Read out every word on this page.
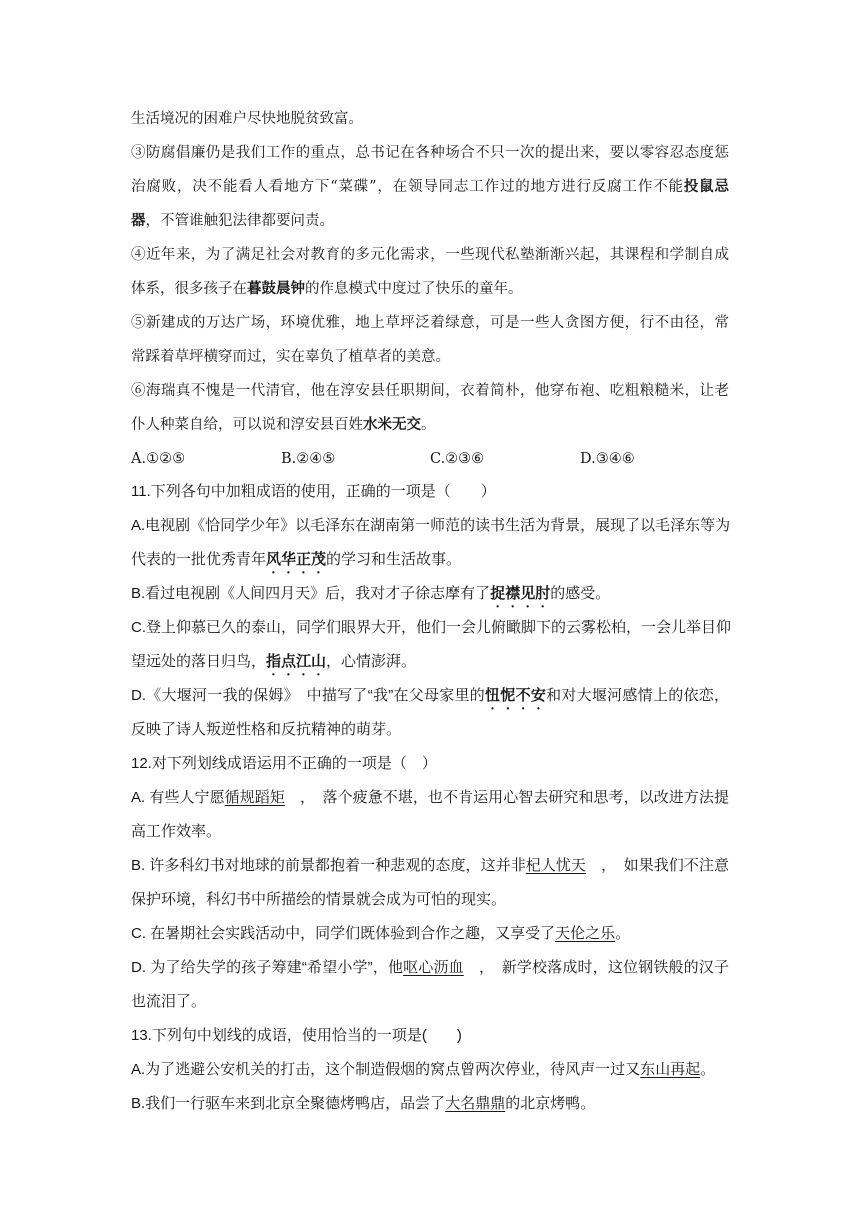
生活境况的困难户尽快地脱贫致富。
③防腐倡廉仍是我们工作的重点，总书记在各种场合不只一次的提出来，要以零容忍态度惩
治腐败，决不能看人看地方下“菜碟”，在领导同志工作过的地方进行反腐工作不能投鼠忌
器，不管谁触犯法律都要问责。
④近年来，为了满足社会对教育的多元化需求，一些现代私塾渐渐兴起，其课程和学制自成
体系，很多孩子在暮鼓晨钟的作息模式中度过了快乐的童年。
⑤新建成的万达广场，环境优雅，地上草坪泛着绿意，可是一些人贪图方便，行不由径，常
常踩着草坪横穿而过，实在辜负了植草者的美意。
⑥海瑞真不愧是一代清官，他在淳安县任职期间，衣着简朴，他穿布袍、吃粗粮糙米，让老
仆人种菜自给，可以说和淳安县百姓水米无交。
A.①②⑤	B.②④⑤	C.②③⑥	D.③④⑥
11.下列各句中加粗成语的使用，正确的一项是（　　）
A.电视剧《恰同学少年》以毛泽东在湖南第一师范的读书生活为背景，展现了以毛泽东等为
代表的一批优秀青年风华正茂的学习和生活故事。
B.看过电视剧《人间四月天》后，我对才子徐志摩有了捉襟见肘的感受。
C.登上仰慕已久的泰山，同学们眼界大开，他们一会儿俯瞰脚下的云雾松柏，一会儿举目仰
望远处的落日归鸟，指点江山，心情澎湃。
D.《大堰河一我的保姆》　中描写了“我”在父母家里的忸怩不安和对大堰河感情上的依恋，
反映了诗人叛逆性格和反抗精神的萌芽。
12.对下列划线成语运用不正确的一项是（　）
A. 有些人宁愿循规蹈矩　，　落个疲惫不堪，也不肯运用心智去研究和思考，以改进方法提
高工作效率。
B. 许多科幻书对地球的前景都抱着一种悲观的态度，这并非杞人忧天　，　如果我们不注意
保护环境，科幻书中所描绘的情景就会成为可怕的现实。
C. 在暑期社会实践活动中，同学们既体验到合作之趣，又享受了天伦之乐。
D. 为了给失学的孩子筹建“希望小学”，他呕心沥血　，　新学校落成时，这位钢铁般的汉子
也流泪了。
13.下列句中划线的成语，使用恰当的一项是(　　)
A.为了逃避公安机关的打击，这个制造假烟的窝点曾两次停业，待风声一过又东山再起。
B.我们一行驱车来到北京全聚德烤鸭店，品尝了大名鼎鼎的北京烤鸭。
